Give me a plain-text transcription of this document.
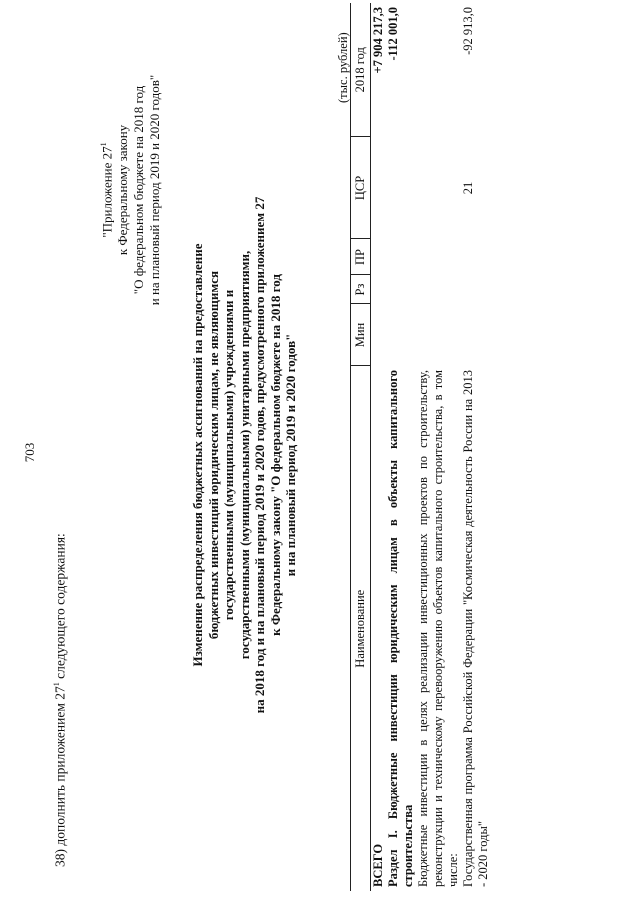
703
38) дополнить приложением $27^1$ следующего содержания:
"Приложение $27^1$ к Федеральному закону "О федеральном бюджете на 2018 год и на плановый период 2019 и 2020 годов"
Изменение распределения бюджетных ассигнований на предоставление бюджетных инвестиций юридическим лицам, не являющимся государственными (муниципальными) учреждениями и государственными (муниципальными) унитарными предприятиями, на 2018 год и на плановый период 2019 и 2020 годов, предусмотренного приложением 27 к Федеральному закону "О федеральном бюджете на 2018 год и на плановый период 2019 и 2020 годов"
(тыс. рублей)
Наименование	Мин	Рз	ПР	ЦСР	2018 год
ВСЕГО					+7 904 217,3
Раздел I. Бюджетные инвестиции юридическим лицам в объекты капитального строительства					-112 001,0
Бюджетные инвестиции в целях реализации инвестиционных проектов по строительству, реконструкции и техническому перевооружению объектов капитального строительства, в том числе:					
Государственная программа Российской Федерации "Космическая деятельность России на 2013 - 2020 годы"				21	-92 913,0
